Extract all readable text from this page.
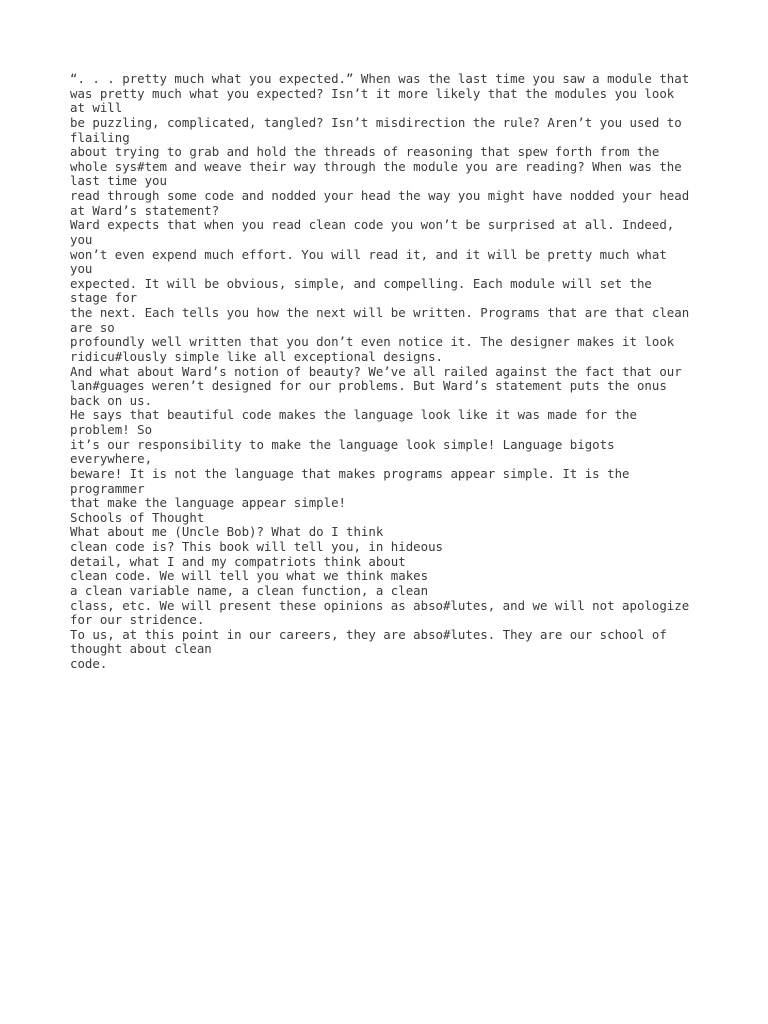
“. . . pretty much what you expected.” When was the last time you saw a module that
was pretty much what you expected? Isn’t it more likely that the modules you look
at will
be puzzling, complicated, tangled? Isn’t misdirection the rule? Aren’t you used to
flailing
about trying to grab and hold the threads of reasoning that spew forth from the
whole sys#tem and weave their way through the module you are reading? When was the
last time you
read through some code and nodded your head the way you might have nodded your head
at Ward’s statement?
Ward expects that when you read clean code you won’t be surprised at all. Indeed,
you
won’t even expend much effort. You will read it, and it will be pretty much what
you
expected. It will be obvious, simple, and compelling. Each module will set the
stage for
the next. Each tells you how the next will be written. Programs that are that clean
are so
profoundly well written that you don’t even notice it. The designer makes it look
ridicu#lously simple like all exceptional designs.
And what about Ward’s notion of beauty? We’ve all railed against the fact that our
lan#guages weren’t designed for our problems. But Ward’s statement puts the onus
back on us.
He says that beautiful code makes the language look like it was made for the
problem! So
it’s our responsibility to make the language look simple! Language bigots
everywhere,
beware! It is not the language that makes programs appear simple. It is the
programmer
that make the language appear simple!
Schools of Thought
What about me (Uncle Bob)? What do I think
clean code is? This book will tell you, in hideous
detail, what I and my compatriots think about
clean code. We will tell you what we think makes
a clean variable name, a clean function, a clean
class, etc. We will present these opinions as abso#lutes, and we will not apologize
for our stridence.
To us, at this point in our careers, they are abso#lutes. They are our school of
thought about clean
code.
